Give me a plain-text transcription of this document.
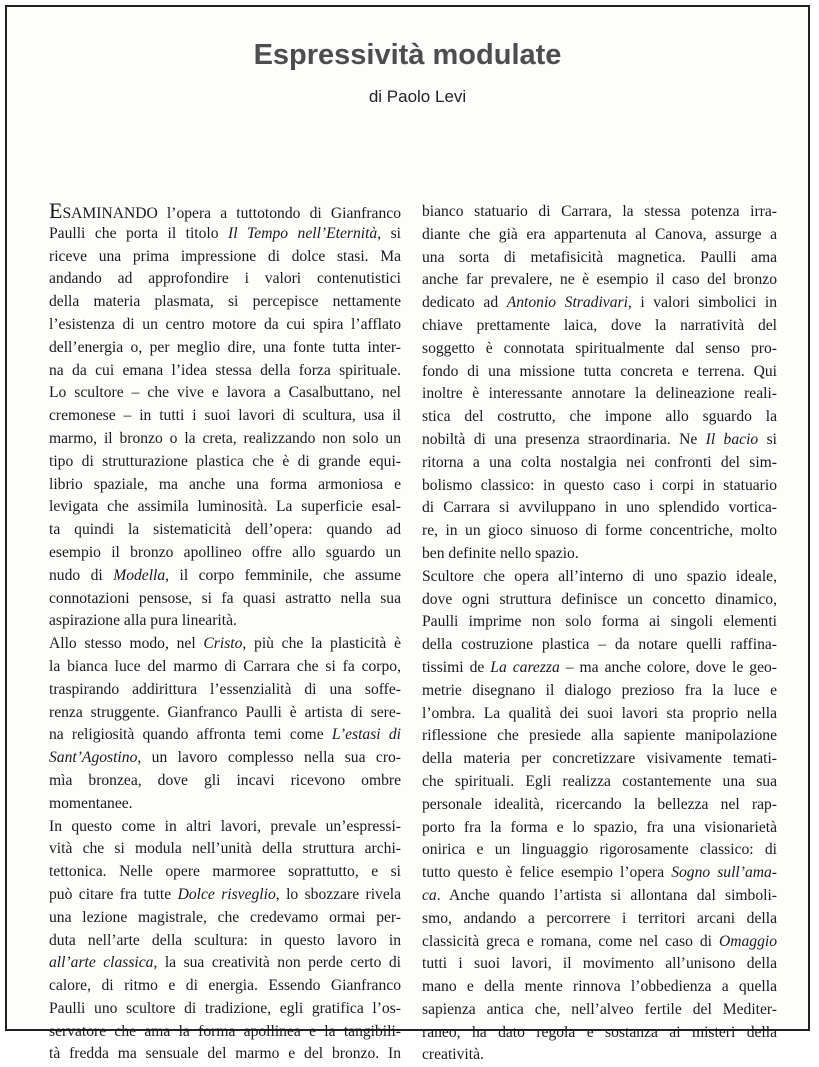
Espressività modulate
di Paolo Levi
ESAMINANDO l’opera a tuttotondo di Gianfranco
Paulli che porta il titolo Il Tempo nell’Eternità, si
riceve una prima impressione di dolce stasi. Ma
andando ad approfondire i valori contenutistici
della materia plasmata, si percepisce nettamente
l’esistenza di un centro motore da cui spira l’afflato
dell’energia o, per meglio dire, una fonte tutta inter-
na da cui emana l’idea stessa della forza spirituale.
Lo scultore – che vive e lavora a Casalbuttano, nel
cremonese – in tutti i suoi lavori di scultura, usa il
marmo, il bronzo o la creta, realizzando non solo un
tipo di strutturazione plastica che è di grande equi-
librio spaziale, ma anche una forma armoniosa e
levigata che assimila luminosità. La superficie esal-
ta quindi la sistematicità dell’opera: quando ad
esempio il bronzo apollineo offre allo sguardo un
nudo di Modella, il corpo femminile, che assume
connotazioni pensose, si fa quasi astratto nella sua
aspirazione alla pura linearità.
Allo stesso modo, nel Cristo, più che la plasticità è
la bianca luce del marmo di Carrara che si fa corpo,
traspirando addirittura l’essenzialità di una soffe-
renza struggente. Gianfranco Paulli è artista di sere-
na religiosità quando affronta temi come L’estasi di
Sant’Agostino, un lavoro complesso nella sua cro-
mìa bronzea, dove gli incavi ricevono ombre
momentanee.
In questo come in altri lavori, prevale un’espressi-
vità che si modula nell’unità della struttura archi-
tettonica. Nelle opere marmoree soprattutto, e si
può citare fra tutte Dolce risveglio, lo sbozzare rivela
una lezione magistrale, che credevamo ormai per-
duta nell’arte della scultura: in questo lavoro in
all’arte classica, la sua creatività non perde certo di
calore, di ritmo e di energia. Essendo Gianfranco
Paulli uno scultore di tradizione, egli gratifica l’os-
servatore che ama la forma apollinea e la tangibili-
tà fredda ma sensuale del marmo e del bronzo. In
bianco statuario di Carrara, la stessa potenza irra-
diante che già era appartenuta al Canova, assurge a
una sorta di metafisicità magnetica. Paulli ama
anche far prevalere, ne è esempio il caso del bronzo
dedicato ad Antonio Stradivari, i valori simbolici in
chiave prettamente laica, dove la narratività del
soggetto è connotata spiritualmente dal senso pro-
fondo di una missione tutta concreta e terrena. Qui
inoltre è interessante annotare la delineazione reali-
stica del costrutto, che impone allo sguardo la
nobiltà di una presenza straordinaria. Ne Il bacio si
ritorna a una colta nostalgia nei confronti del sim-
bolismo classico: in questo caso i corpi in statuario
di Carrara si avviluppano in uno splendido vortica-
re, in un gioco sinuoso di forme concentriche, molto
ben definite nello spazio.
Scultore che opera all’interno di uno spazio ideale,
dove ogni struttura definisce un concetto dinamico,
Paulli imprime non solo forma ai singoli elementi
della costruzione plastica – da notare quelli raffina-
tissimi de La carezza – ma anche colore, dove le geo-
metrie disegnano il dialogo prezioso fra la luce e
l’ombra. La qualità dei suoi lavori sta proprio nella
riflessione che presiede alla sapiente manipolazione
della materia per concretizzare visivamente temati-
che spirituali. Egli realizza costantemente una sua
personale idealità, ricercando la bellezza nel rap-
porto fra la forma e lo spazio, fra una visionarietà
onirica e un linguaggio rigorosamente classico: di
tutto questo è felice esempio l’opera Sogno sull’ama-
ca. Anche quando l’artista si allontana dal simboli-
smo, andando a percorrere i territori arcani della
classicità greca e romana, come nel caso di Omaggio
tutti i suoi lavori, il movimento all’unisono della
mano e della mente rinnova l’obbedienza a quella
sapienza antica che, nell’alveo fertile del Mediter-
raneo, ha dato regola e sostanza ai misteri della
creatività.
